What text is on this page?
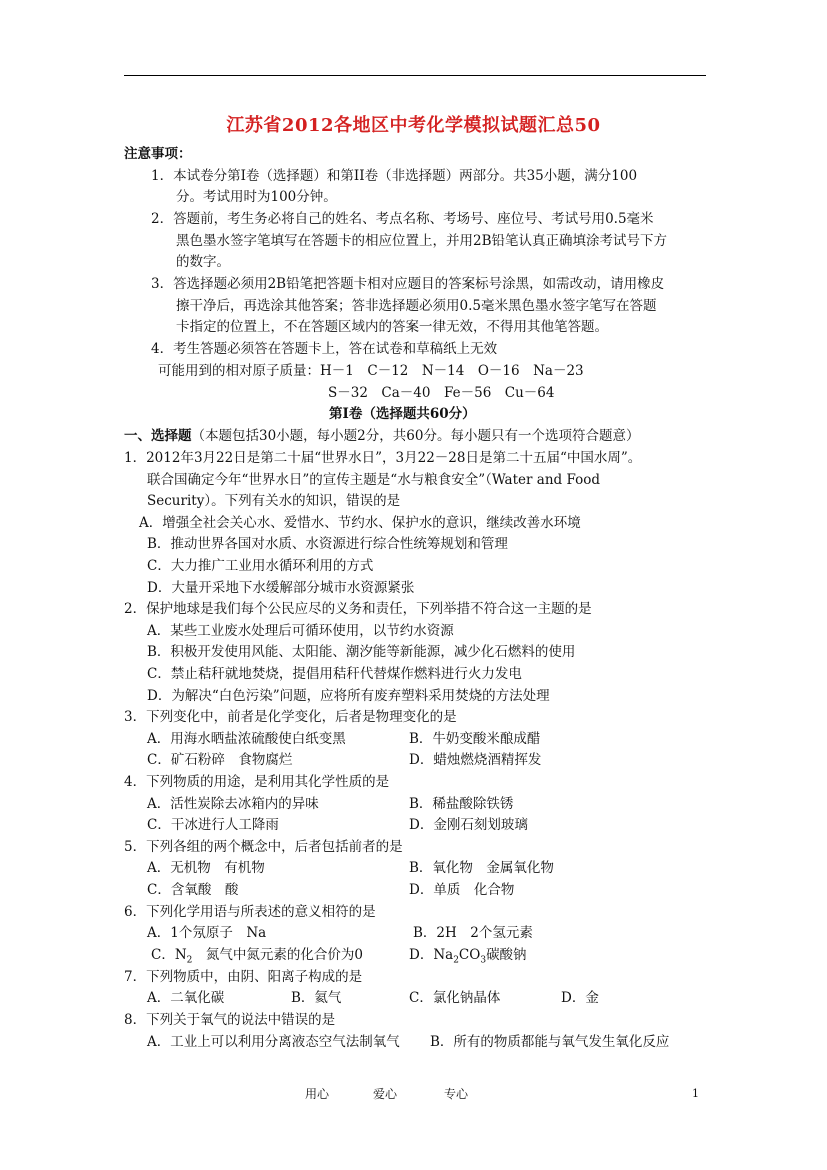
江苏省2012各地区中考化学模拟试题汇总50
注意事项：
1．本试卷分第Ⅰ卷（选择题）和第II卷（非选择题）两部分。共35小题，满分100
分。考试用时为100分钟。
2．答题前，考生务必将自己的姓名、考点名称、考场号、座位号、考试号用0.5毫米
黑色墨水签字笔填写在答题卡的相应位置上，并用2B铅笔认真正确填涂考试号下方
的数字。
3．答选择题必须用2B铅笔把答题卡相对应题目的答案标号涂黑，如需改动，请用橡皮
擦干净后，再选涂其他答案；答非选择题必须用0.5毫米黑色墨水签字笔写在答题
卡指定的位置上，不在答题区域内的答案一律无效，不得用其他笔答题。
4．考生答题必须答在答题卡上，答在试卷和草稿纸上无效
可能用到的相对原子质量：H－1　C－12　N－14　O－16　Na－23
S－32　Ca－40　Fe－56　Cu－64
第Ⅰ卷（选择题共60分）
一、选择题（本题包括30小题，每小题2分，共60分。每小题只有一个选项符合题意）
1．2012年3月22日是第二十届“世界水日”，3月22－28日是第二十五届“中国水周”。
联合国确定今年“世界水日”的宣传主题是“水与粮食安全”（Water and Food
Security）。下列有关水的知识，错误的是
A．增强全社会关心水、爱惜水、节约水、保护水的意识，继续改善水环境
B．推动世界各国对水质、水资源进行综合性统筹规划和管理
C．大力推广工业用水循环利用的方式
D．大量开采地下水缓解部分城市水资源紧张
2．保护地球是我们每个公民应尽的义务和责任，下列举措不符合这一主题的是
A．某些工业废水处理后可循环使用，以节约水资源
B．积极开发使用风能、太阳能、潮汐能等新能源，减少化石燃料的使用
C．禁止秸秆就地焚烧，提倡用秸秆代替煤作燃料进行火力发电
D．为解决“白色污染”问题，应将所有废弃塑料采用焚烧的方法处理
3．下列变化中，前者是化学变化，后者是物理变化的是
A．用海水晒盐浓硫酸使白纸变黑	B．牛奶变酸米酿成醋
C．矿石粉碎　食物腐烂	D．蜡烛燃烧酒精挥发
4．下列物质的用途，是利用其化学性质的是
A．活性炭除去冰箱内的异味	B．稀盐酸除铁锈
C．干冰进行人工降雨	D．金刚石刻划玻璃
5．下列各组的两个概念中，后者包括前者的是
A．无机物　有机物	B．氧化物　金属氧化物
C．含氧酸　酸	D．单质　化合物
6．下列化学用语与所表述的意义相符的是
A．1个氖原子　Na	B．2H　2个氢元素
C．$N_2$　氮气中氮元素的化合价为0	D．$Na_2CO_3$碳酸钠
7．下列物质中，由阴、阳离子构成的是
A．二氧化碳	B．氦气	C．氯化钠晶体	D．金
8．下列关于氧气的说法中错误的是
A．工业上可以利用分离液态空气法制氧气 B．所有的物质都能与氧气发生氧化反应
用心	爱心	专心	1
